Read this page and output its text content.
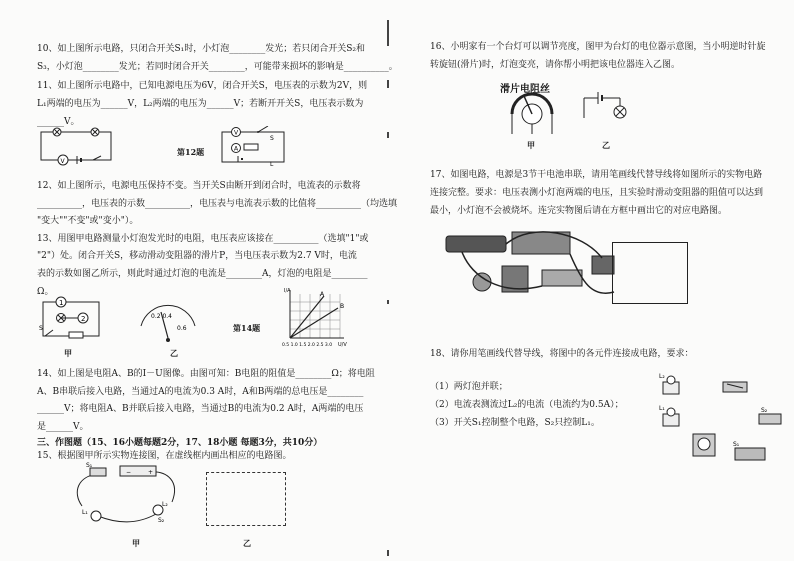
10、如上图所示电路，只闭合开关S₁时，小灯泡________发光；若只闭合开关S₂和
S₃，小灯泡________发光；若同时闭合开关________，可能带来损坏的影响是__________。
11、如上图所示电路中，已知电源电压为6V，闭合开关S，电压表的示数为2V，则
L₁两端的电压为______V，L₂两端的电压为______V；若断开开关S，电压表示数为
______V。
V
第12题
V
A
S
L
12、如上图所示，电源电压保持不变。当开关S由断开到闭合时，电流表的示数将
__________，电压表的示数__________，电压表与电流表示数的比值将__________（均选填
"变大""不变"或"变小"）。
13、用图甲电路测量小灯泡发光时的电阻，电压表应该接在__________（选填"1"或
"2"）处。闭合开关S，移动滑动变阻器的滑片P，当电压表示数为2.7 V时，电流
表的示数如图乙所示，则此时通过灯泡的电流是________A，灯泡的电阻是________
Ω。
1
2
S
甲
0.2 0.4
0.6
乙
第14题
A
B
I/A
0.5 1.0 1.5 2.0 2.5 3.0 U/V
14、如上图是电阻A、B的I－U图像。由图可知：B电阻的阻值是________Ω；将电阻
A、B串联后接入电路，当通过A的电流为0.3 A时，A和B两端的总电压是________
______V；将电阻A、B并联后接入电路，当通过B的电流为0.2 A时，A两端的电压
是______V。
三、作图题（15、16小题每题2分，17、18小题 每题3分，共10分）
15、根据图甲所示实物连接图，在虚线框内画出相应的电路图。
−	+
L₁
L₂
S₁
S₂
甲	乙
16、小明家有一个台灯可以调节亮度，图甲为台灯的电位器示意图，当小明逆时针旋
转旋钮(滑片)时，灯泡变亮，请你帮小明把该电位器连入乙图。
滑片电阻丝
甲	乙
17、如图电路，电源是3节干电池串联，请用笔画线代替导线将如图所示的实物电路
连接完整。要求：电压表测小灯泡两端的电压，且实验时滑动变阻器的阻值可以达到
最小，小灯泡不会被烧坏。连完实物图后请在方框中画出它的对应电路图。
18、请你用笔画线代替导线，将图中的各元件连接成电路，要求：
（1）两灯泡并联；
（2）电流表测流过L₂的电流（电流约为0.5A）；
（3）开关S₁控制整个电路，S₂只控制L₁。
L₂
L₁
S₁
S₂
